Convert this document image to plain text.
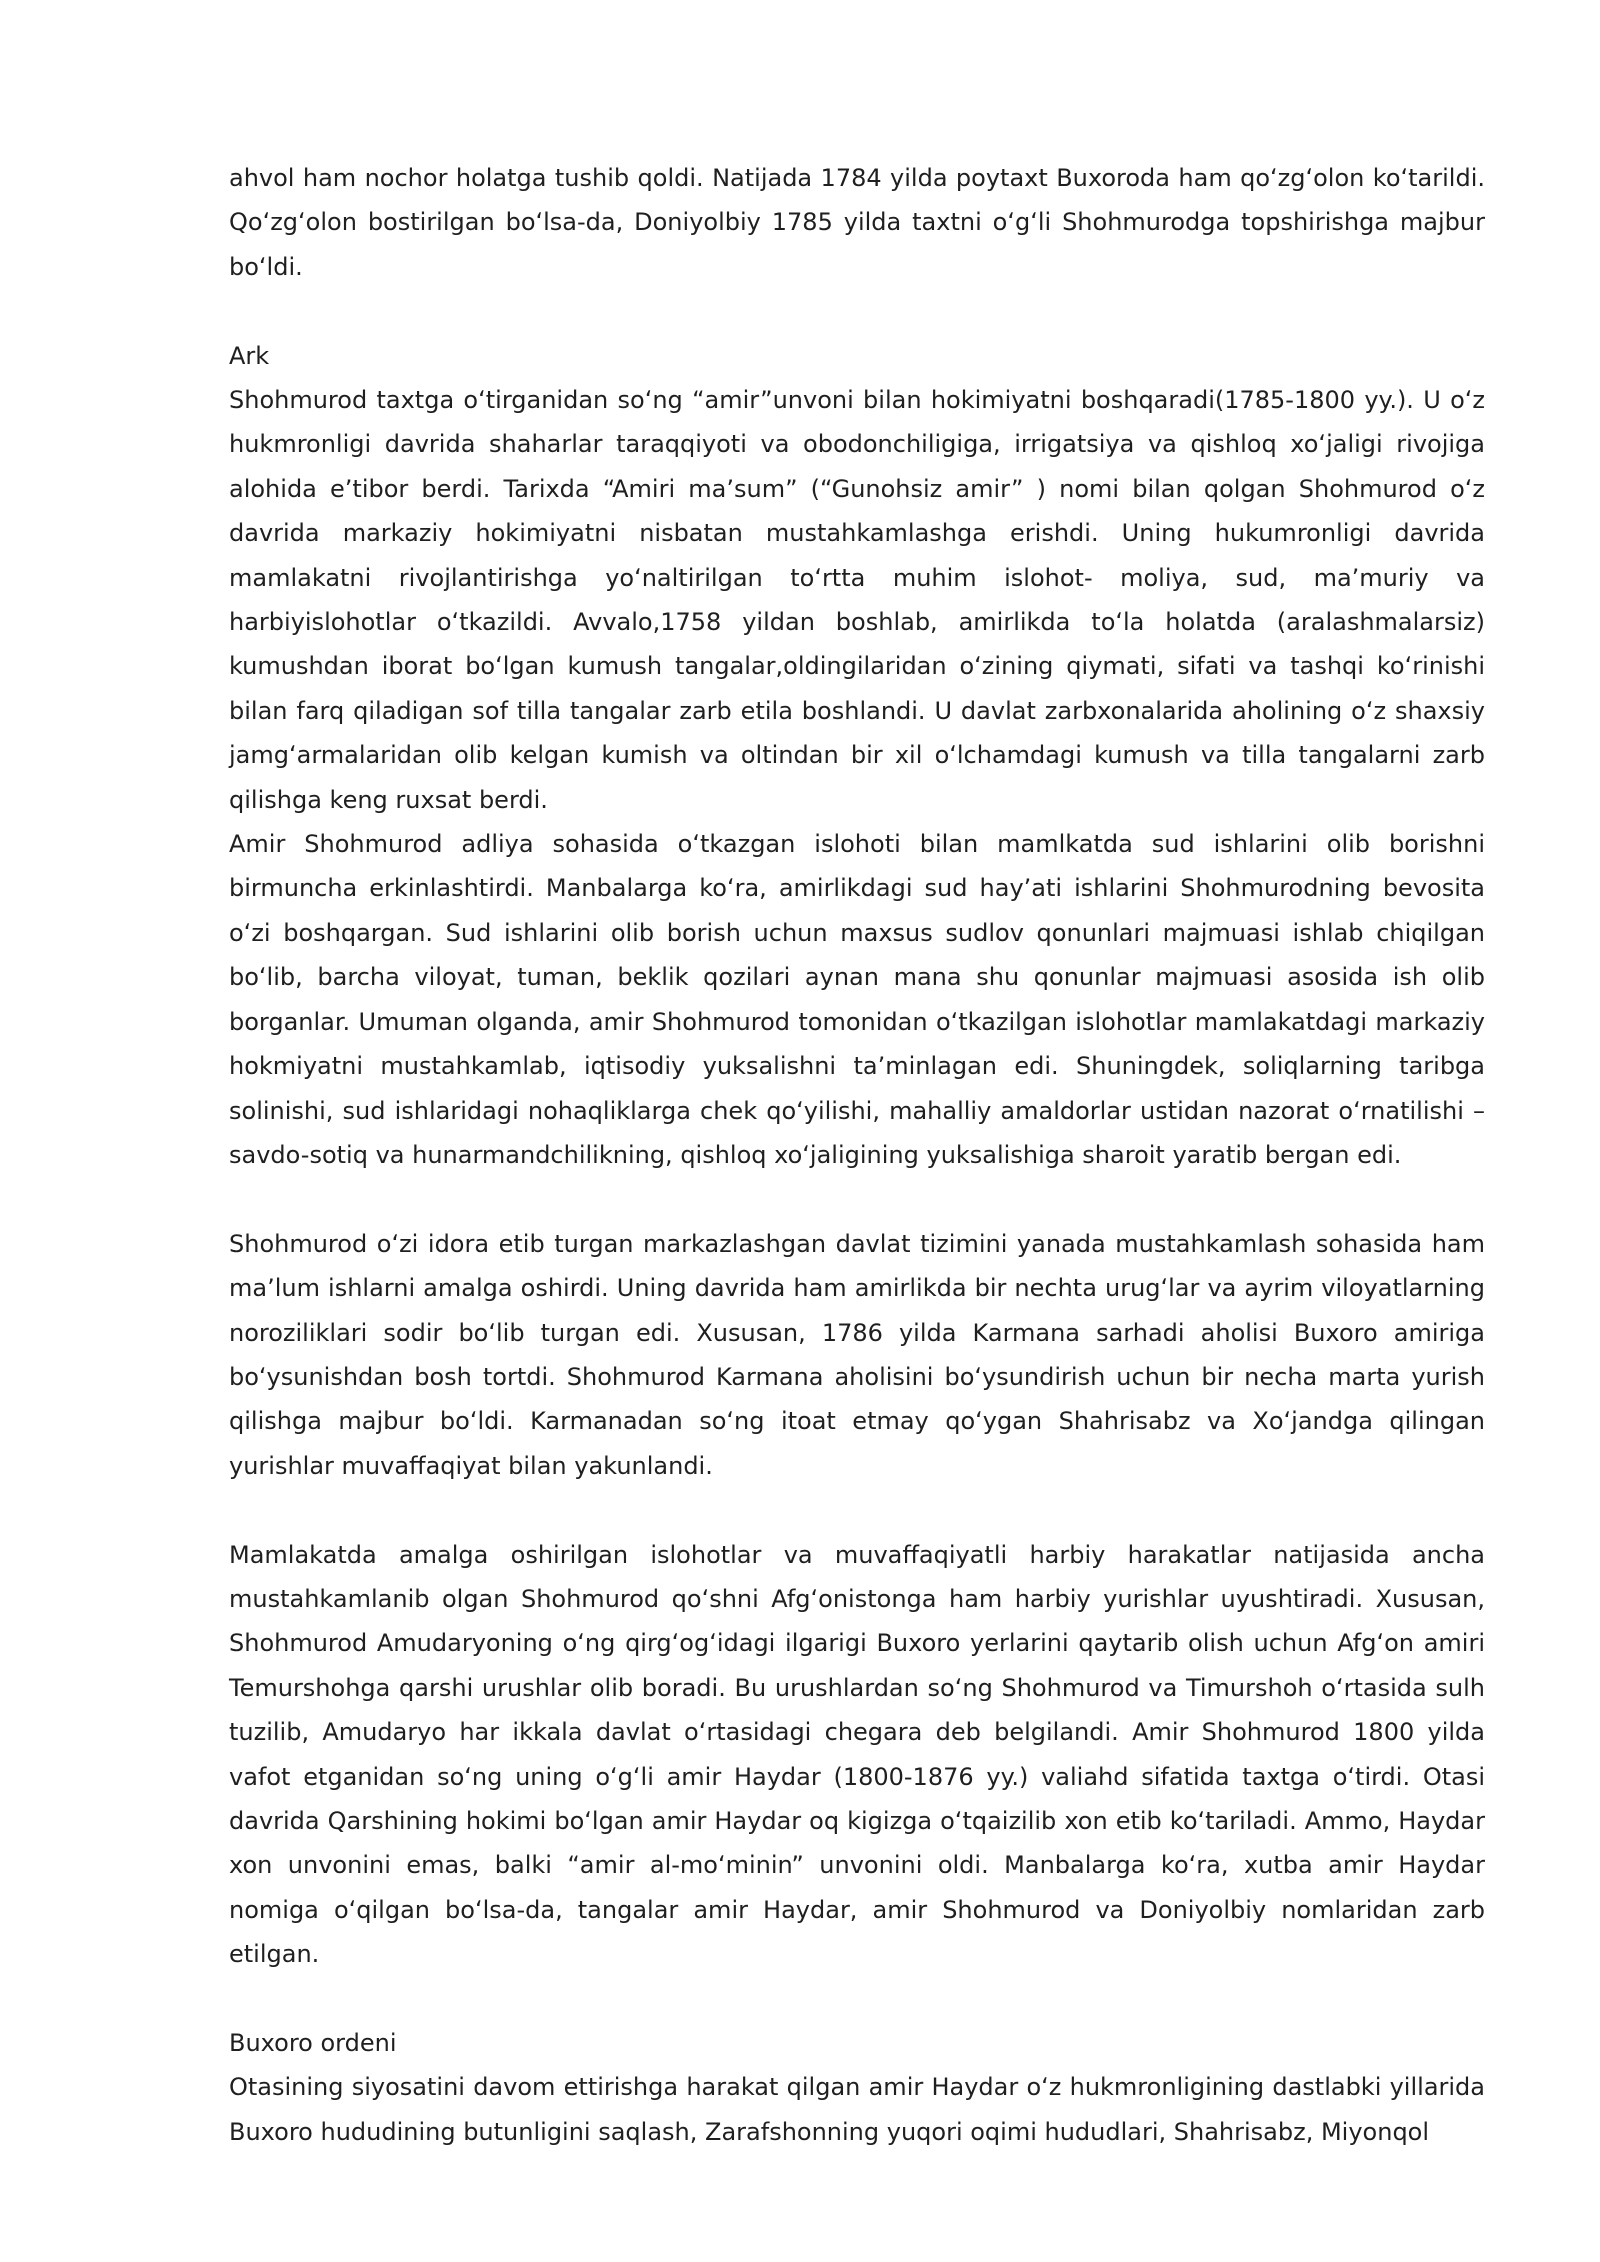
ahvol ham nochor holatga tushib qoldi. Natijada 1784 yilda poytaxt Buxoroda ham qoʻzgʻolon koʻtarildi. Qoʻzgʻolon bostirilgan boʻlsa-da, Doniyolbiy 1785 yilda taxtni oʻgʻli Shohmurodga topshirishga majbur boʻldi.

Ark

Shohmurod taxtga oʻtirganidan soʻng “amir”unvoni bilan hokimiyatni boshqaradi(1785-1800 yy.). U oʻz hukmronligi davrida shaharlar taraqqiyoti va obodonchiligiga, irrigatsiya va qishloq xoʻjaligi rivojiga alohida e’tibor berdi. Tarixda “Amiri ma’sum” (“Gunohsiz amir” ) nomi bilan qolgan Shohmurod oʻz davrida markaziy hokimiyatni nisbatan mustahkamlashga erishdi. Uning hukumronligi davrida mamlakatni rivojlantirishga yoʻnaltirilgan toʻrtta muhim islohot- moliya, sud, ma’muriy va harbiyislohotlar oʻtkazildi. Avvalo,1758 yildan boshlab, amirlikda toʻla holatda (aralashmalarsiz) kumushdan iborat boʻlgan kumush tangalar,oldingilaridan oʻzining qiymati, sifati va tashqi koʻrinishi bilan farq qiladigan sof tilla tangalar zarb etila boshlandi. U davlat zarbxonalarida aholining oʻz shaxsiy jamgʻarmalaridan olib kelgan kumish va oltindan bir xil oʻlchamdagi kumush va tilla tangalarni zarb qilishga keng ruxsat berdi.

Amir Shohmurod adliya sohasida oʻtkazgan islohoti bilan mamlkatda sud ishlarini olib borishni birmuncha erkinlashtirdi. Manbalarga koʻra, amirlikdagi sud hay’ati ishlarini Shohmurodning bevosita oʻzi boshqargan. Sud ishlarini olib borish uchun maxsus sudlov qonunlari majmuasi ishlab chiqilgan boʻlib, barcha viloyat, tuman, beklik qozilari aynan mana shu qonunlar majmuasi asosida ish olib borganlar. Umuman olganda, amir Shohmurod tomonidan oʻtkazilgan islohotlar mamlakatdagi markaziy hokmiyatni mustahkamlab, iqtisodiy yuksalishni ta’minlagan edi. Shuningdek, soliqlarning taribga solinishi, sud ishlaridagi nohaqliklarga chek qoʻyilishi, mahalliy amaldorlar ustidan nazorat oʻrnatilishi – savdo-sotiq va hunarmandchilikning, qishloq xoʻjaligining yuksalishiga sharoit yaratib bergan edi.

Shohmurod oʻzi idora etib turgan markazlashgan davlat tizimini yanada mustahkamlash sohasida ham ma’lum ishlarni amalga oshirdi. Uning davrida ham amirlikda bir nechta urugʻlar va ayrim viloyatlarning noroziliklari sodir boʻlib turgan edi. Xususan, 1786 yilda Karmana sarhadi aholisi Buxoro amiriga boʻysunishdan bosh tortdi. Shohmurod Karmana aholisini boʻysundirish uchun bir necha marta yurish qilishga majbur boʻldi. Karmanadan soʻng itoat etmay qoʻygan Shahrisabz va Xoʻjandga qilingan yurishlar muvaffaqiyat bilan yakunlandi.

Mamlakatda amalga oshirilgan islohotlar va muvaffaqiyatli harbiy harakatlar natijasida ancha mustahkamlanib olgan Shohmurod qoʻshni Afgʻonistonga ham harbiy yurishlar uyushtiradi. Xususan, Shohmurod Amudaryoning oʻng qirgʻogʻidagi ilgarigi Buxoro yerlarini qaytarib olish uchun Afgʻon amiri Temurshohga qarshi urushlar olib boradi. Bu urushlardan soʻng Shohmurod va Timurshoh oʻrtasida sulh tuzilib, Amudaryo har ikkala davlat oʻrtasidagi chegara deb belgilandi. Amir Shohmurod 1800 yilda vafot etganidan soʻng uning oʻgʻli amir Haydar (1800-1876 yy.) valiahd sifatida taxtga oʻtirdi. Otasi davrida Qarshining hokimi boʻlgan amir Haydar oq kigizga oʻtqaizilib xon etib koʻtariladi. Ammo, Haydar xon unvonini emas, balki “amir al-moʻminin” unvonini oldi. Manbalarga koʻra, xutba amir Haydar nomiga oʻqilgan boʻlsa-da, tangalar amir Haydar, amir Shohmurod va Doniyolbiy nomlaridan zarb etilgan.

Buxoro ordeni

Otasining siyosatini davom ettirishga harakat qilgan amir Haydar oʻz hukmronligining dastlabki yillarida Buxoro hududining butunligini saqlash, Zarafshonning yuqori oqimi hududlari, Shahrisabz, Miyonqol
